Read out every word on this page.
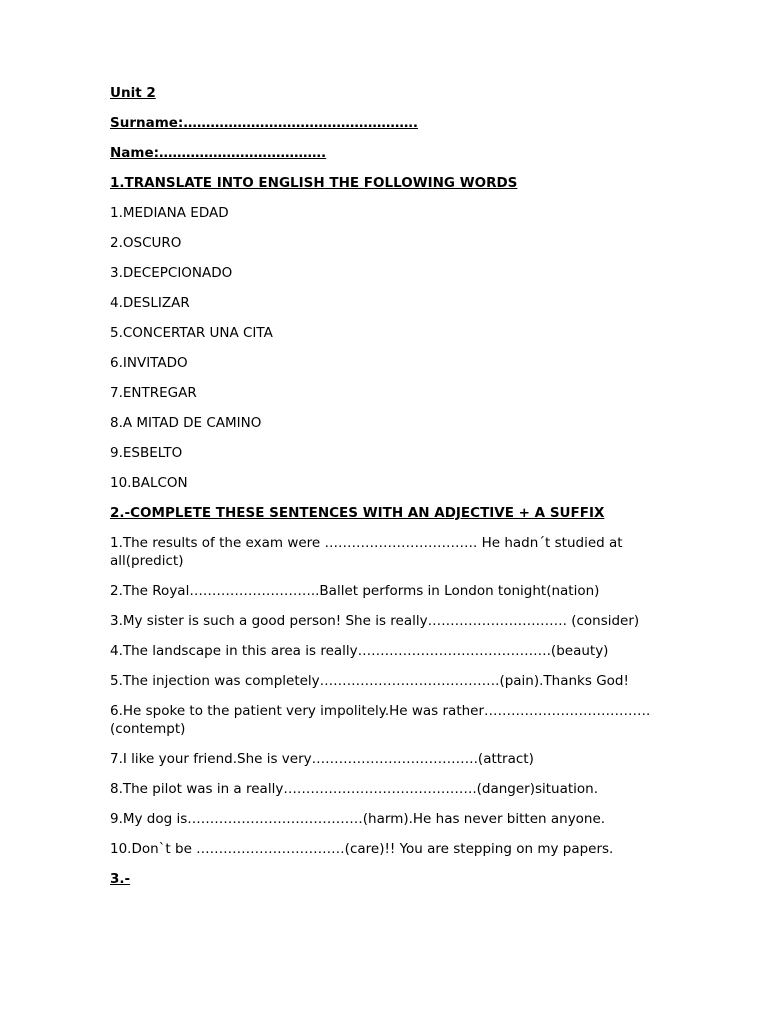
Unit 2
Surname:…………………………………………….
Name:……………………………….
1.TRANSLATE INTO ENGLISH THE FOLLOWING WORDS
1.MEDIANA EDAD
2.OSCURO
3.DECEPCIONADO
4.DESLIZAR
5.CONCERTAR UNA CITA
6.INVITADO
7.ENTREGAR
8.A MITAD DE CAMINO
9.ESBELTO
10.BALCON
2.-COMPLETE THESE SENTENCES WITH AN ADJECTIVE + A SUFFIX
1.The results of the exam were ……………………………. He hadn´t studied at all(predict)
2.The Royal………………………..Ballet performs in London tonight(nation)
3.My sister is such a good person! She is really…………………………. (consider)
4.The landscape in this area is really…………………………………….(beauty)
5.The injection was completely………………………………….(pain).Thanks God!
6.He spoke to the patient very impolitely.He was rather……………………………….(contempt)
7.I like your friend.She is very……………………………….(attract)
8.The pilot was in a really…………………………………….(danger)situation.
9.My dog is…………………………………(harm).He has never bitten anyone.
10.Don`t be ……………………………(care)!! You are stepping on my papers.
3.-
